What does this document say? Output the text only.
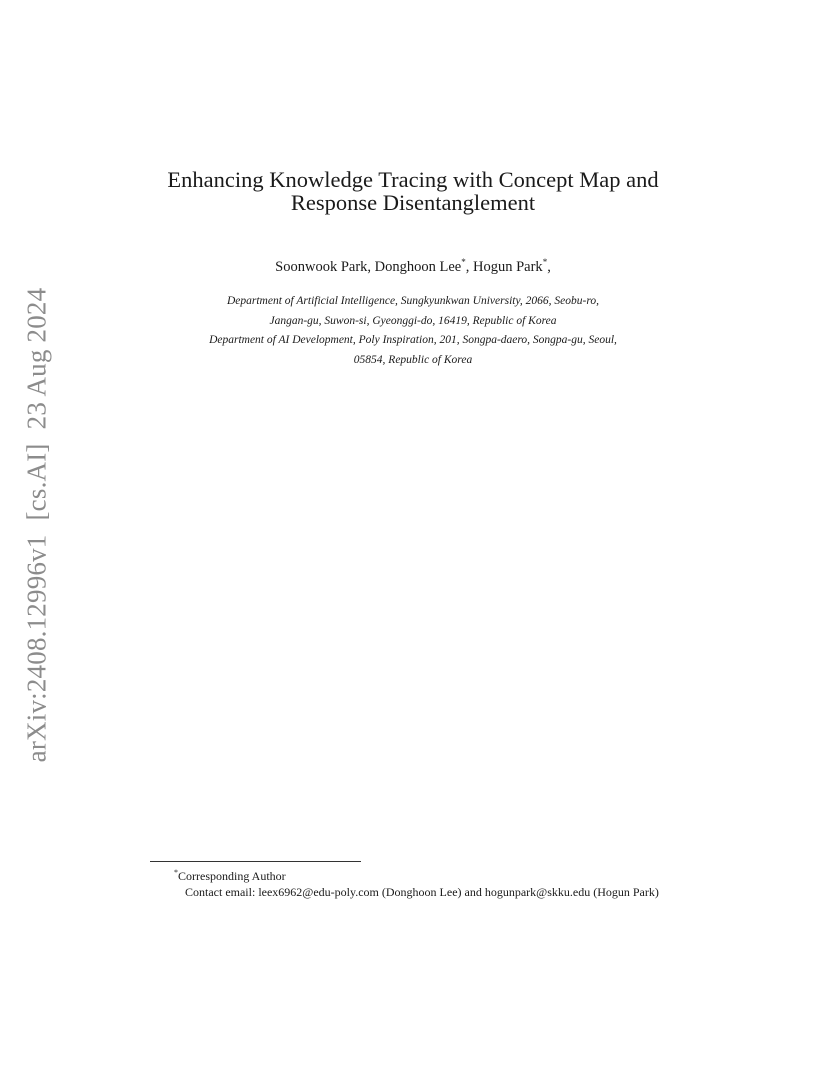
arXiv:2408.12996v1[cs.AI]23 Aug 2024
Enhancing Knowledge Tracing with Concept Map and
Response Disentanglement
Soonwook Park, Donghoon Lee*, Hogun Park*,
Department of Artificial Intelligence, Sungkyunkwan University, 2066, Seobu-ro,
Jangan-gu, Suwon-si, Gyeonggi-do, 16419, Republic of Korea
Department of AI Development, Poly Inspiration, 201, Songpa-daero, Songpa-gu, Seoul,
05854, Republic of Korea
*Corresponding Author
Contact email: leex6962@edu-poly.com (Donghoon Lee) and hogunpark@skku.edu (Hogun Park)
